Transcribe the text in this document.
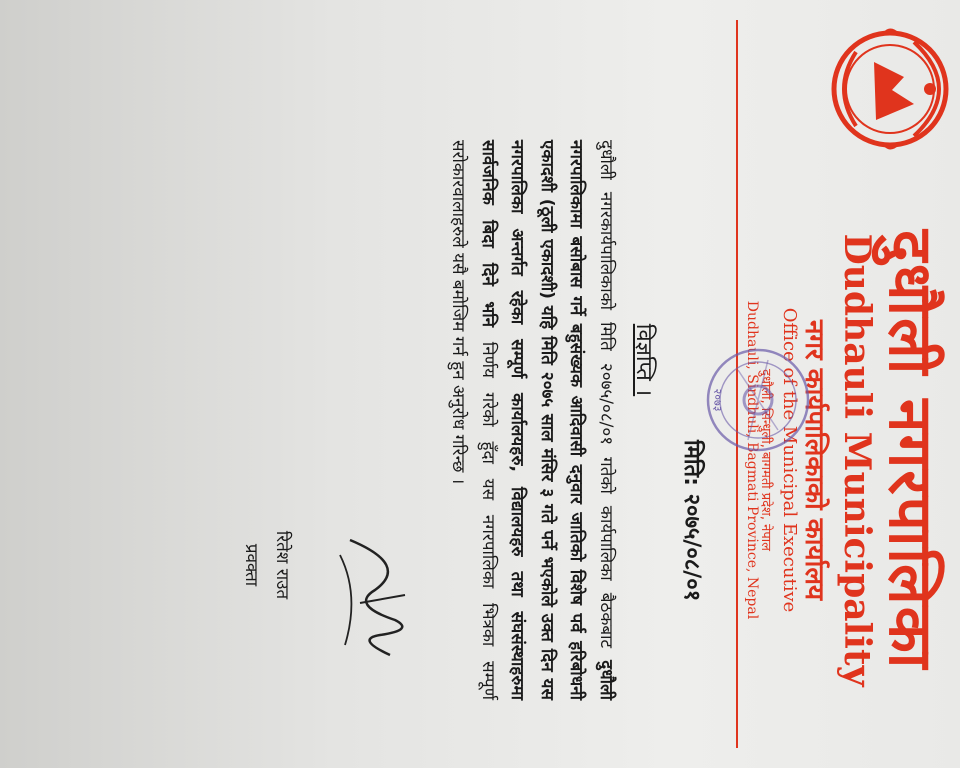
दुधौली नगरपालिका
Dudhauli Municipality
नगर कार्यपालिकाको कार्यालय
Office of the Municipal Executive
दुधौली, सिन्धुली, बागमती प्रदेश, नेपाल
Dudhauli, Sindhuli, Bagmati Province, Nepal
२०७३
मिति: २०७५/०८/०१
विज्ञप्ति ।
दुधौली नगरकार्यपालिकाको मिति २०७५/०८/०१ गतेको कार्यपालिका बैठकबाट दुधौली नगरपालिकामा बसोबास गर्ने बहुसंख्यक आदिवासी दनुवार जातिको विशेष पर्व हरिबोधनी एकादशी (ठूली एकादशी) यहि मिति २०७५ साल मंसिर ३ गते पर्ने भएकोले उक्त दिन यस नगरपालिका अन्तर्गत रहेका सम्पूर्ण कार्यालयहरु, विद्यालयहरु तथा संघसंस्थाहरुमा सार्वजनिक बिदा दिने भनि निर्णय गरेको हुँदा यस नगरपालिका भित्रका सम्पूर्ण सरोकारवालाहरुले यसै बमोजिम गर्न हुन अनुरोध गरिन्छ ।
रितेश राउत
प्रवक्ता
